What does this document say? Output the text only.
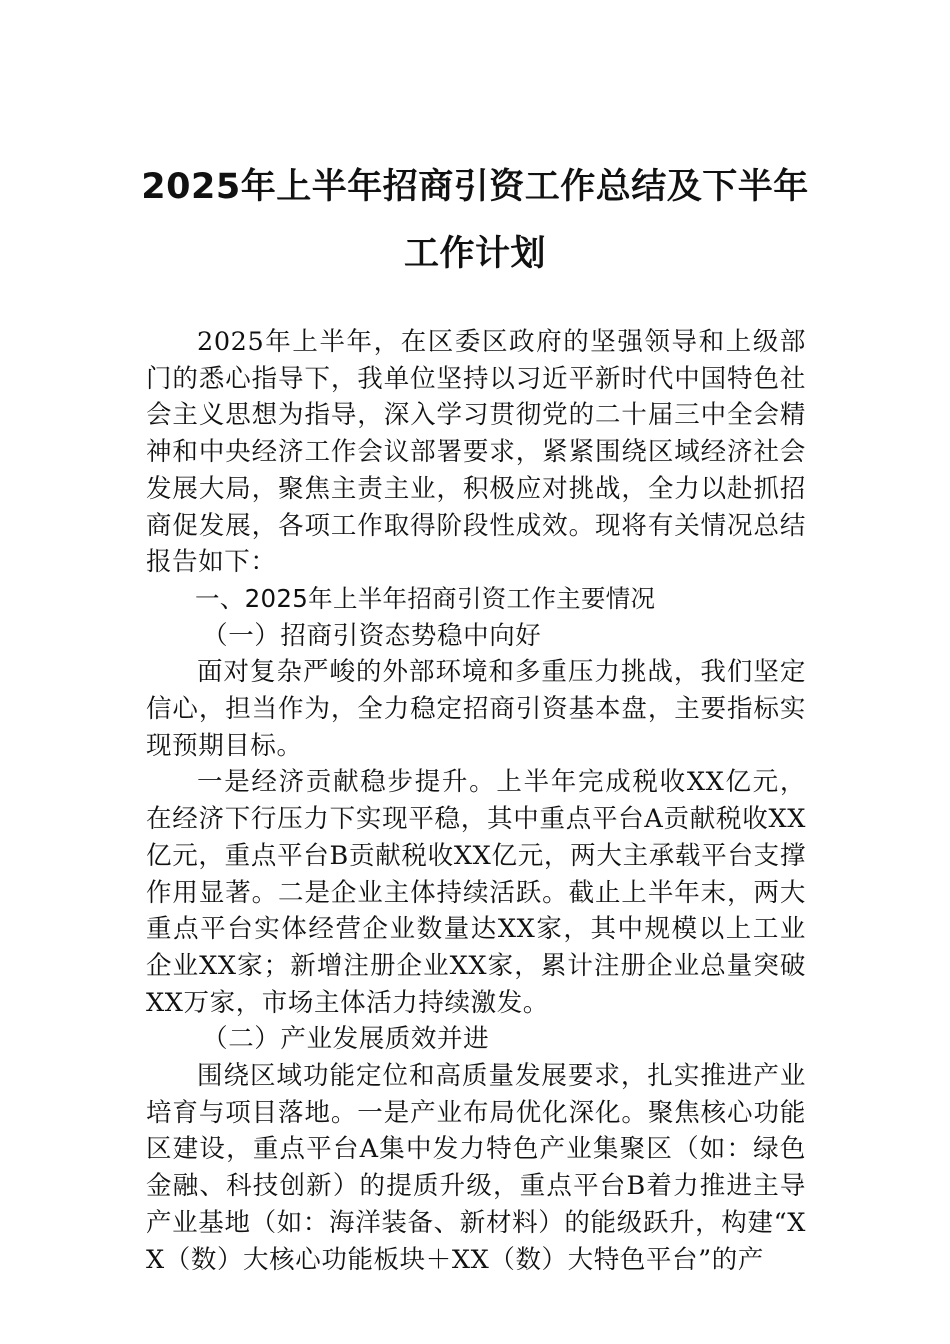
2025年上半年招商引资工作总结及下半年
工作计划

2025年上半年，在区委区政府的坚强领导和上级部门的悉心指导下，我单位坚持以习近平新时代中国特色社会主义思想为指导，深入学习贯彻党的二十届三中全会精神和中央经济工作会议部署要求，紧紧围绕区域经济社会发展大局，聚焦主责主业，积极应对挑战，全力以赴抓招商促发展，各项工作取得阶段性成效。现将有关情况总结报告如下：

一、2025年上半年招商引资工作主要情况

（一）招商引资态势稳中向好

面对复杂严峻的外部环境和多重压力挑战，我们坚定信心，担当作为，全力稳定招商引资基本盘，主要指标实现预期目标。

一是经济贡献稳步提升。上半年完成税收XX亿元，在经济下行压力下实现平稳，其中重点平台A贡献税收XX亿元，重点平台B贡献税收XX亿元，两大主承载平台支撑作用显著。二是企业主体持续活跃。截止上半年末，两大重点平台实体经营企业数量达XX家，其中规模以上工业企业XX家；新增注册企业XX家，累计注册企业总量突破XX万家，市场主体活力持续激发。

（二）产业发展质效并进

围绕区域功能定位和高质量发展要求，扎实推进产业培育与项目落地。一是产业布局优化深化。聚焦核心功能区建设，重点平台A集中发力特色产业集聚区（如：绿色金融、科技创新）的提质升级，重点平台B着力推进主导产业基地（如：海洋装备、新材料）的能级跃升，构建“XX（数）大核心功能板块＋XX（数）大特色平台”的产
